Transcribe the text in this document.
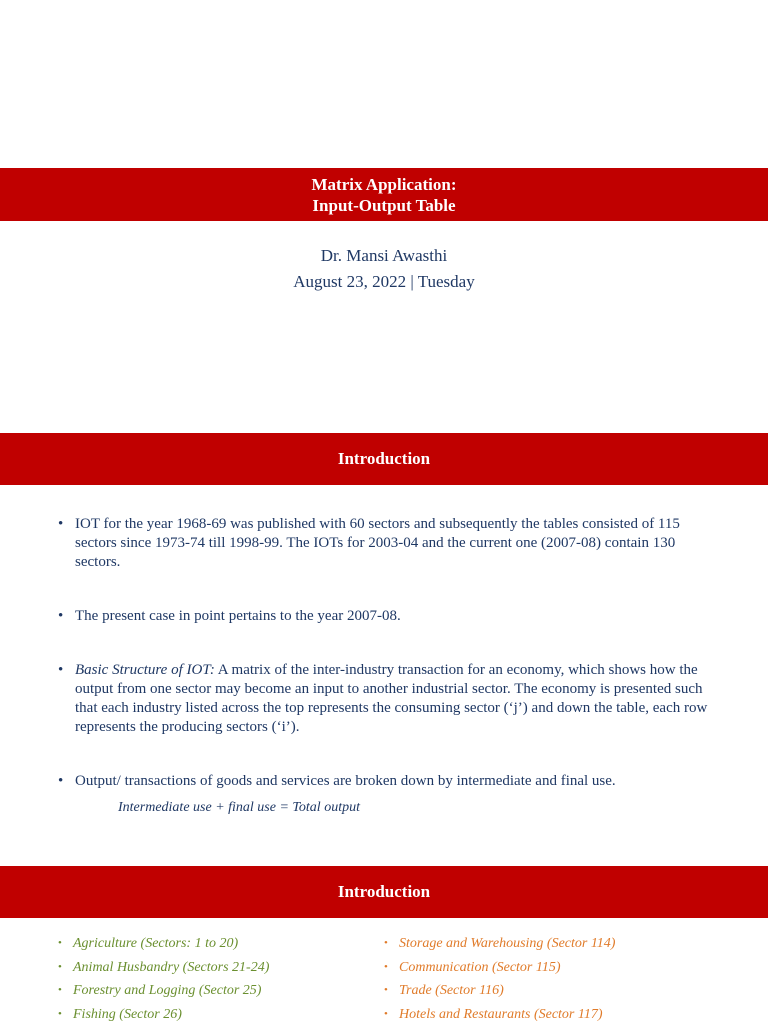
Matrix Application:
Input-Output Table
Dr. Mansi Awasthi
August 23, 2022 | Tuesday
Introduction
• IOT for the year 1968-69 was published with 60 sectors and subsequently the tables consisted of 115 sectors since 1973-74 till 1998-99. The IOTs for 2003-04 and the current one (2007-08) contain 130 sectors.
• The present case in point pertains to the year 2007-08.
• Basic Structure of IOT: A matrix of the inter-industry transaction for an economy, which shows how the output from one sector may become an input to another industrial sector. The economy is presented such that each industry listed across the top represents the consuming sector (‘j’) and down the table, each row represents the producing sectors (‘i’).
• Output/ transactions of goods and services are broken down by intermediate and final use.
Intermediate use + final use = Total output
Introduction
• Agriculture (Sectors: 1 to 20)
• Animal Husbandry (Sectors 21-24)
• Forestry and Logging (Sector 25)
• Fishing (Sector 26)
• Storage and Warehousing (Sector 114)
• Communication (Sector 115)
• Trade (Sector 116)
• Hotels and Restaurants (Sector 117)
